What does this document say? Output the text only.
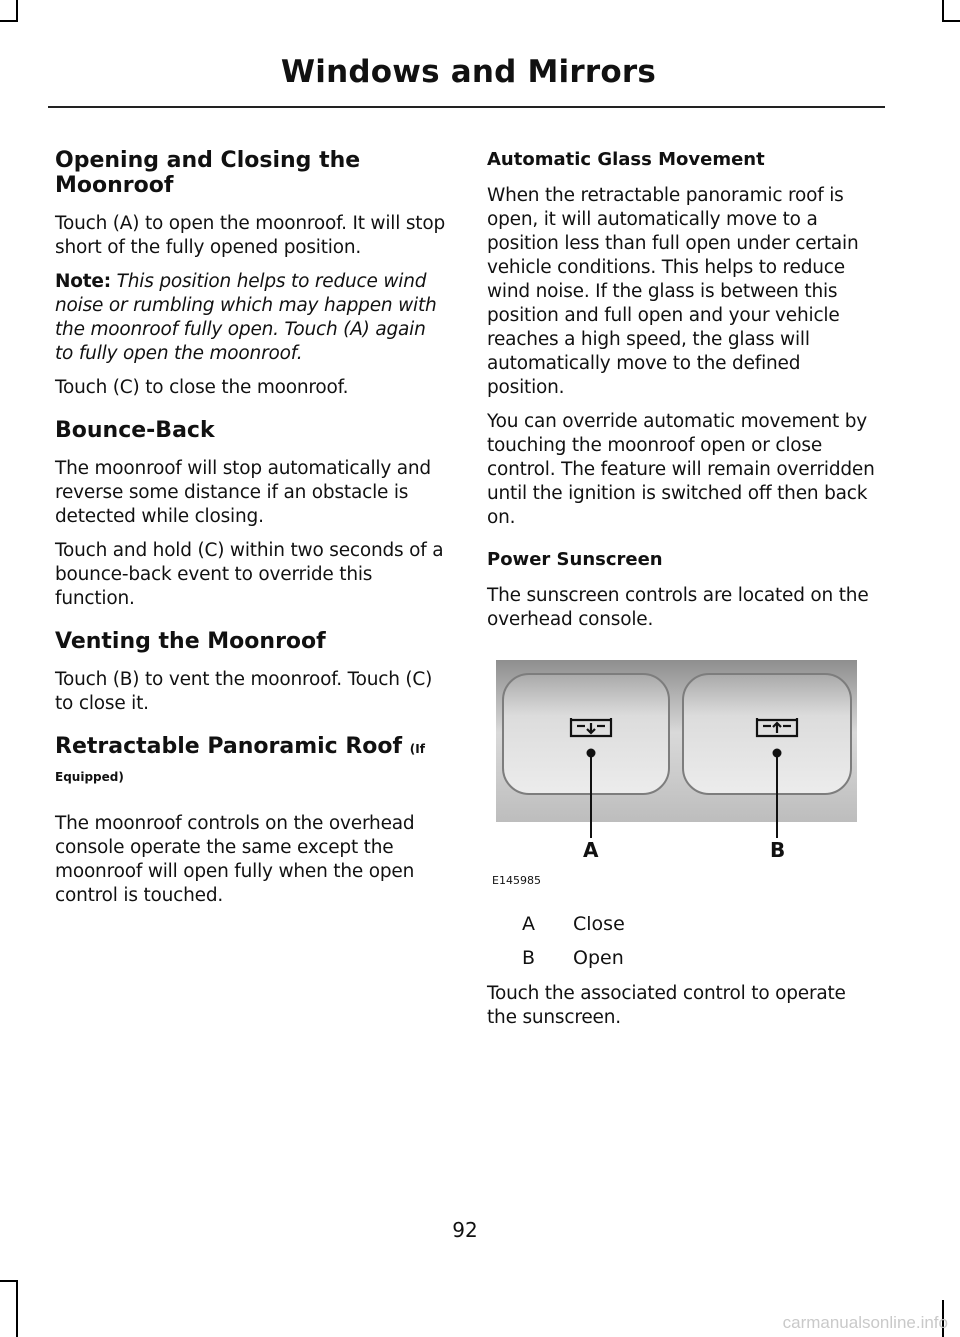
Windows and Mirrors
Opening and Closing the Moonroof

Touch (A) to open the moonroof. It will stop short of the fully opened position.

Note: This position helps to reduce wind noise or rumbling which may happen with the moonroof fully open. Touch (A) again to fully open the moonroof.

Touch (C) to close the moonroof.

Bounce-Back

The moonroof will stop automatically and reverse some distance if an obstacle is detected while closing.

Touch and hold (C) within two seconds of a bounce-back event to override this function.

Venting the Moonroof

Touch (B) to vent the moonroof. Touch (C) to close it.

Retractable Panoramic Roof (If Equipped)

The moonroof controls on the overhead console operate the same except the moonroof will open fully when the open control is touched.

Automatic Glass Movement

When the retractable panoramic roof is open, it will automatically move to a position less than full open under certain vehicle conditions. This helps to reduce wind noise. If the glass is between this position and full open and your vehicle reaches a high speed, the glass will automatically move to the defined position.

You can override automatic movement by touching the moonroof open or close control. The feature will remain overridden until the ignition is switched off then back on.

Power Sunscreen

The sunscreen controls are located on the overhead console.

A	B
E145985
A	Close
B	Open

Touch the associated control to operate the sunscreen.

92
carmanualsonline.info
